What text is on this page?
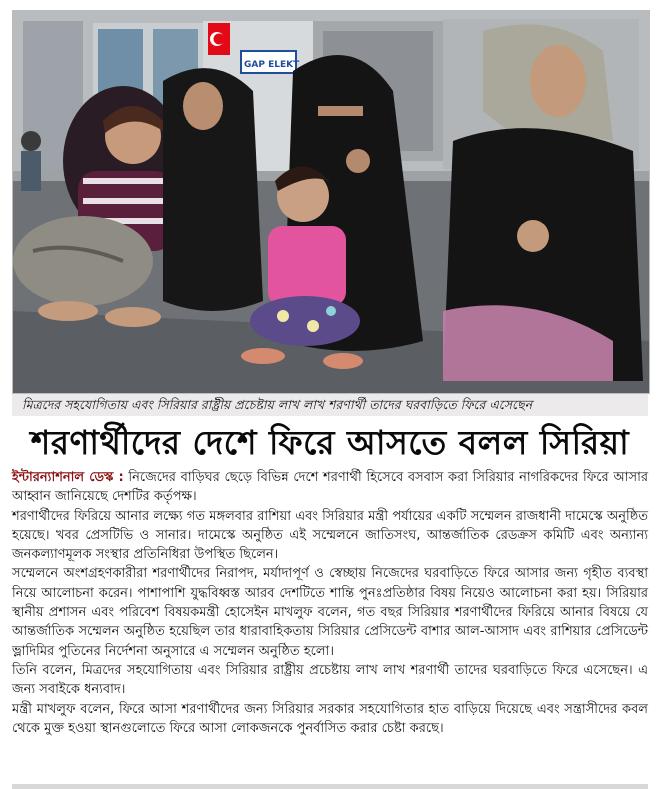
GAP ELEKT
মিত্রদের সহযোগিতায় এবং সিরিয়ার রাষ্ট্রীয় প্রচেষ্টায় লাখ লাখ শরণার্থী তাদের ঘরবাড়িতে ফিরে এসেছেন
শরণার্থীদের দেশে ফিরে আসতে বলল সিরিয়া

ইন্টারন্যাশনাল ডেস্ক : নিজেদের বাড়িঘর ছেড়ে বিভিন্ন দেশে শরণার্থী হিসেবে বসবাস করা সিরিয়ার নাগরিকদের ফিরে আসার আহ্বান জানিয়েছে দেশটির কর্তৃপক্ষ।

শরণার্থীদের ফিরিয়ে আনার লক্ষ্যে গত মঙ্গলবার রাশিয়া এবং সিরিয়ার মন্ত্রী পর্যায়ের একটি সম্মেলন রাজধানী দামেস্কে অনুষ্ঠিত হয়েছে। খবর প্রেসটিভি ও সানার। দামেস্কে অনুষ্ঠিত এই সম্মেলনে জাতিসংঘ, আন্তর্জাতিক রেডক্রস কমিটি এবং অন্যান্য জনকল্যাণমূলক সংস্থার প্রতিনিধিরা উপস্থিত ছিলেন।

সম্মেলনে অংশগ্রহণকারীরা শরণার্থীদের নিরাপদ, মর্যাদাপূর্ণ ও স্বেচ্ছায় নিজেদের ঘরবাড়িতে ফিরে আসার জন্য গৃহীত ব্যবস্থা নিয়ে আলোচনা করেন। পাশাপাশি যুদ্ধবিধ্বস্ত আরব দেশটিতে শান্তি পুনঃপ্রতিষ্ঠার বিষয় নিয়েও আলোচনা করা হয়। সিরিয়ার স্থানীয় প্রশাসন এবং পরিবেশ বিষয়কমন্ত্রী হোসেইন মাখলুফ বলেন, গত বছর সিরিয়ার শরণার্থীদের ফিরিয়ে আনার বিষয়ে যে আন্তর্জাতিক সম্মেলন অনুষ্ঠিত হয়েছিল তার ধারাবাহিকতায় সিরিয়ার প্রেসিডেন্ট বাশার আল-আসাদ এবং রাশিয়ার প্রেসিডেন্ট ভ্লাদিমির পুতিনের নির্দেশনা অনুসারে এ সম্মেলন অনুষ্ঠিত হলো।

তিনি বলেন, মিত্রদের সহযোগিতায় এবং সিরিয়ার রাষ্ট্রীয় প্রচেষ্টায় লাখ লাখ শরণার্থী তাদের ঘরবাড়িতে ফিরে এসেছেন। এ জন্য সবাইকে ধন্যবাদ।

মন্ত্রী মাখলুফ বলেন, ফিরে আসা শরণার্থীদের জন্য সিরিয়ার সরকার সহযোগিতার হাত বাড়িয়ে দিয়েছে এবং সন্ত্রাসীদের কবল থেকে মুক্ত হওয়া স্থানগুলোতে ফিরে আসা লোকজনকে পুনর্বাসিত করার চেষ্টা করছে।
